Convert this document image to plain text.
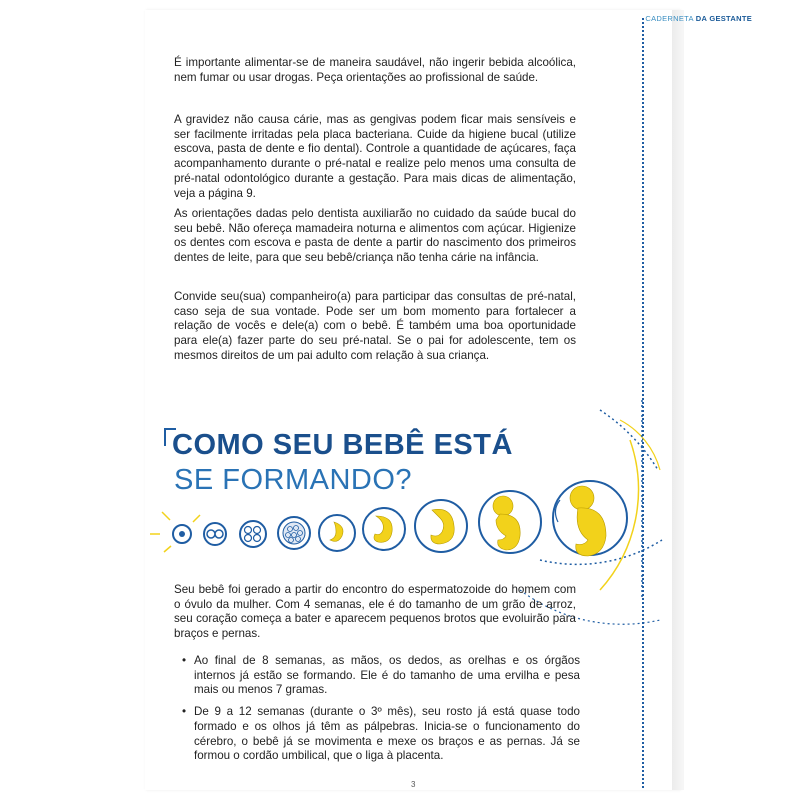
CADERNETA DA GESTANTE

É importante alimentar-se de maneira saudável, não ingerir bebida alcoólica, nem fumar ou usar drogas. Peça orientações ao profissional de saúde.

A gravidez não causa cárie, mas as gengivas podem ficar mais sensíveis e ser facilmente irritadas pela placa bacteriana. Cuide da higiene bucal (utilize escova, pasta de dente e fio dental). Controle a quantidade de açúcares, faça acompanhamento durante o pré-natal e realize pelo menos uma consulta de pré-natal odontológico durante a gestação. Para mais dicas de alimentação, veja a página 9.

As orientações dadas pelo dentista auxiliarão no cuidado da saúde bucal do seu bebê. Não ofereça mamadeira noturna e alimentos com açúcar. Higienize os dentes com escova e pasta de dente a partir do nascimento dos primeiros dentes de leite, para que seu bebê/criança não tenha cárie na infância.

Convide seu(sua) companheiro(a) para participar das consultas de pré-natal, caso seja de sua vontade. Pode ser um bom momento para fortalecer a relação de vocês e dele(a) com o bebê. É também uma boa oportunidade para ele(a) fazer parte do seu pré-natal. Se o pai for adolescente, tem os mesmos direitos de um pai adulto com relação à sua criança.

COMO SEU BEBÊ ESTÁ
SE FORMANDO?

Seu bebê foi gerado a partir do encontro do espermatozoide do homem com o óvulo da mulher. Com 4 semanas, ele é do tamanho de um grão de arroz, seu coração começa a bater e aparecem pequenos brotos que evoluirão para braços e pernas.

• Ao final de 8 semanas, as mãos, os dedos, as orelhas e os órgãos internos já estão se formando. Ele é do tamanho de uma ervilha e pesa mais ou menos 7 gramas.
• De 9 a 12 semanas (durante o 3º mês), seu rosto já está quase todo formado e os olhos já têm as pálpebras. Inicia-se o funcionamento do cérebro, o bebê já se movimenta e mexe os braços e as pernas. Já se formou o cordão umbilical, que o liga à placenta.
3
